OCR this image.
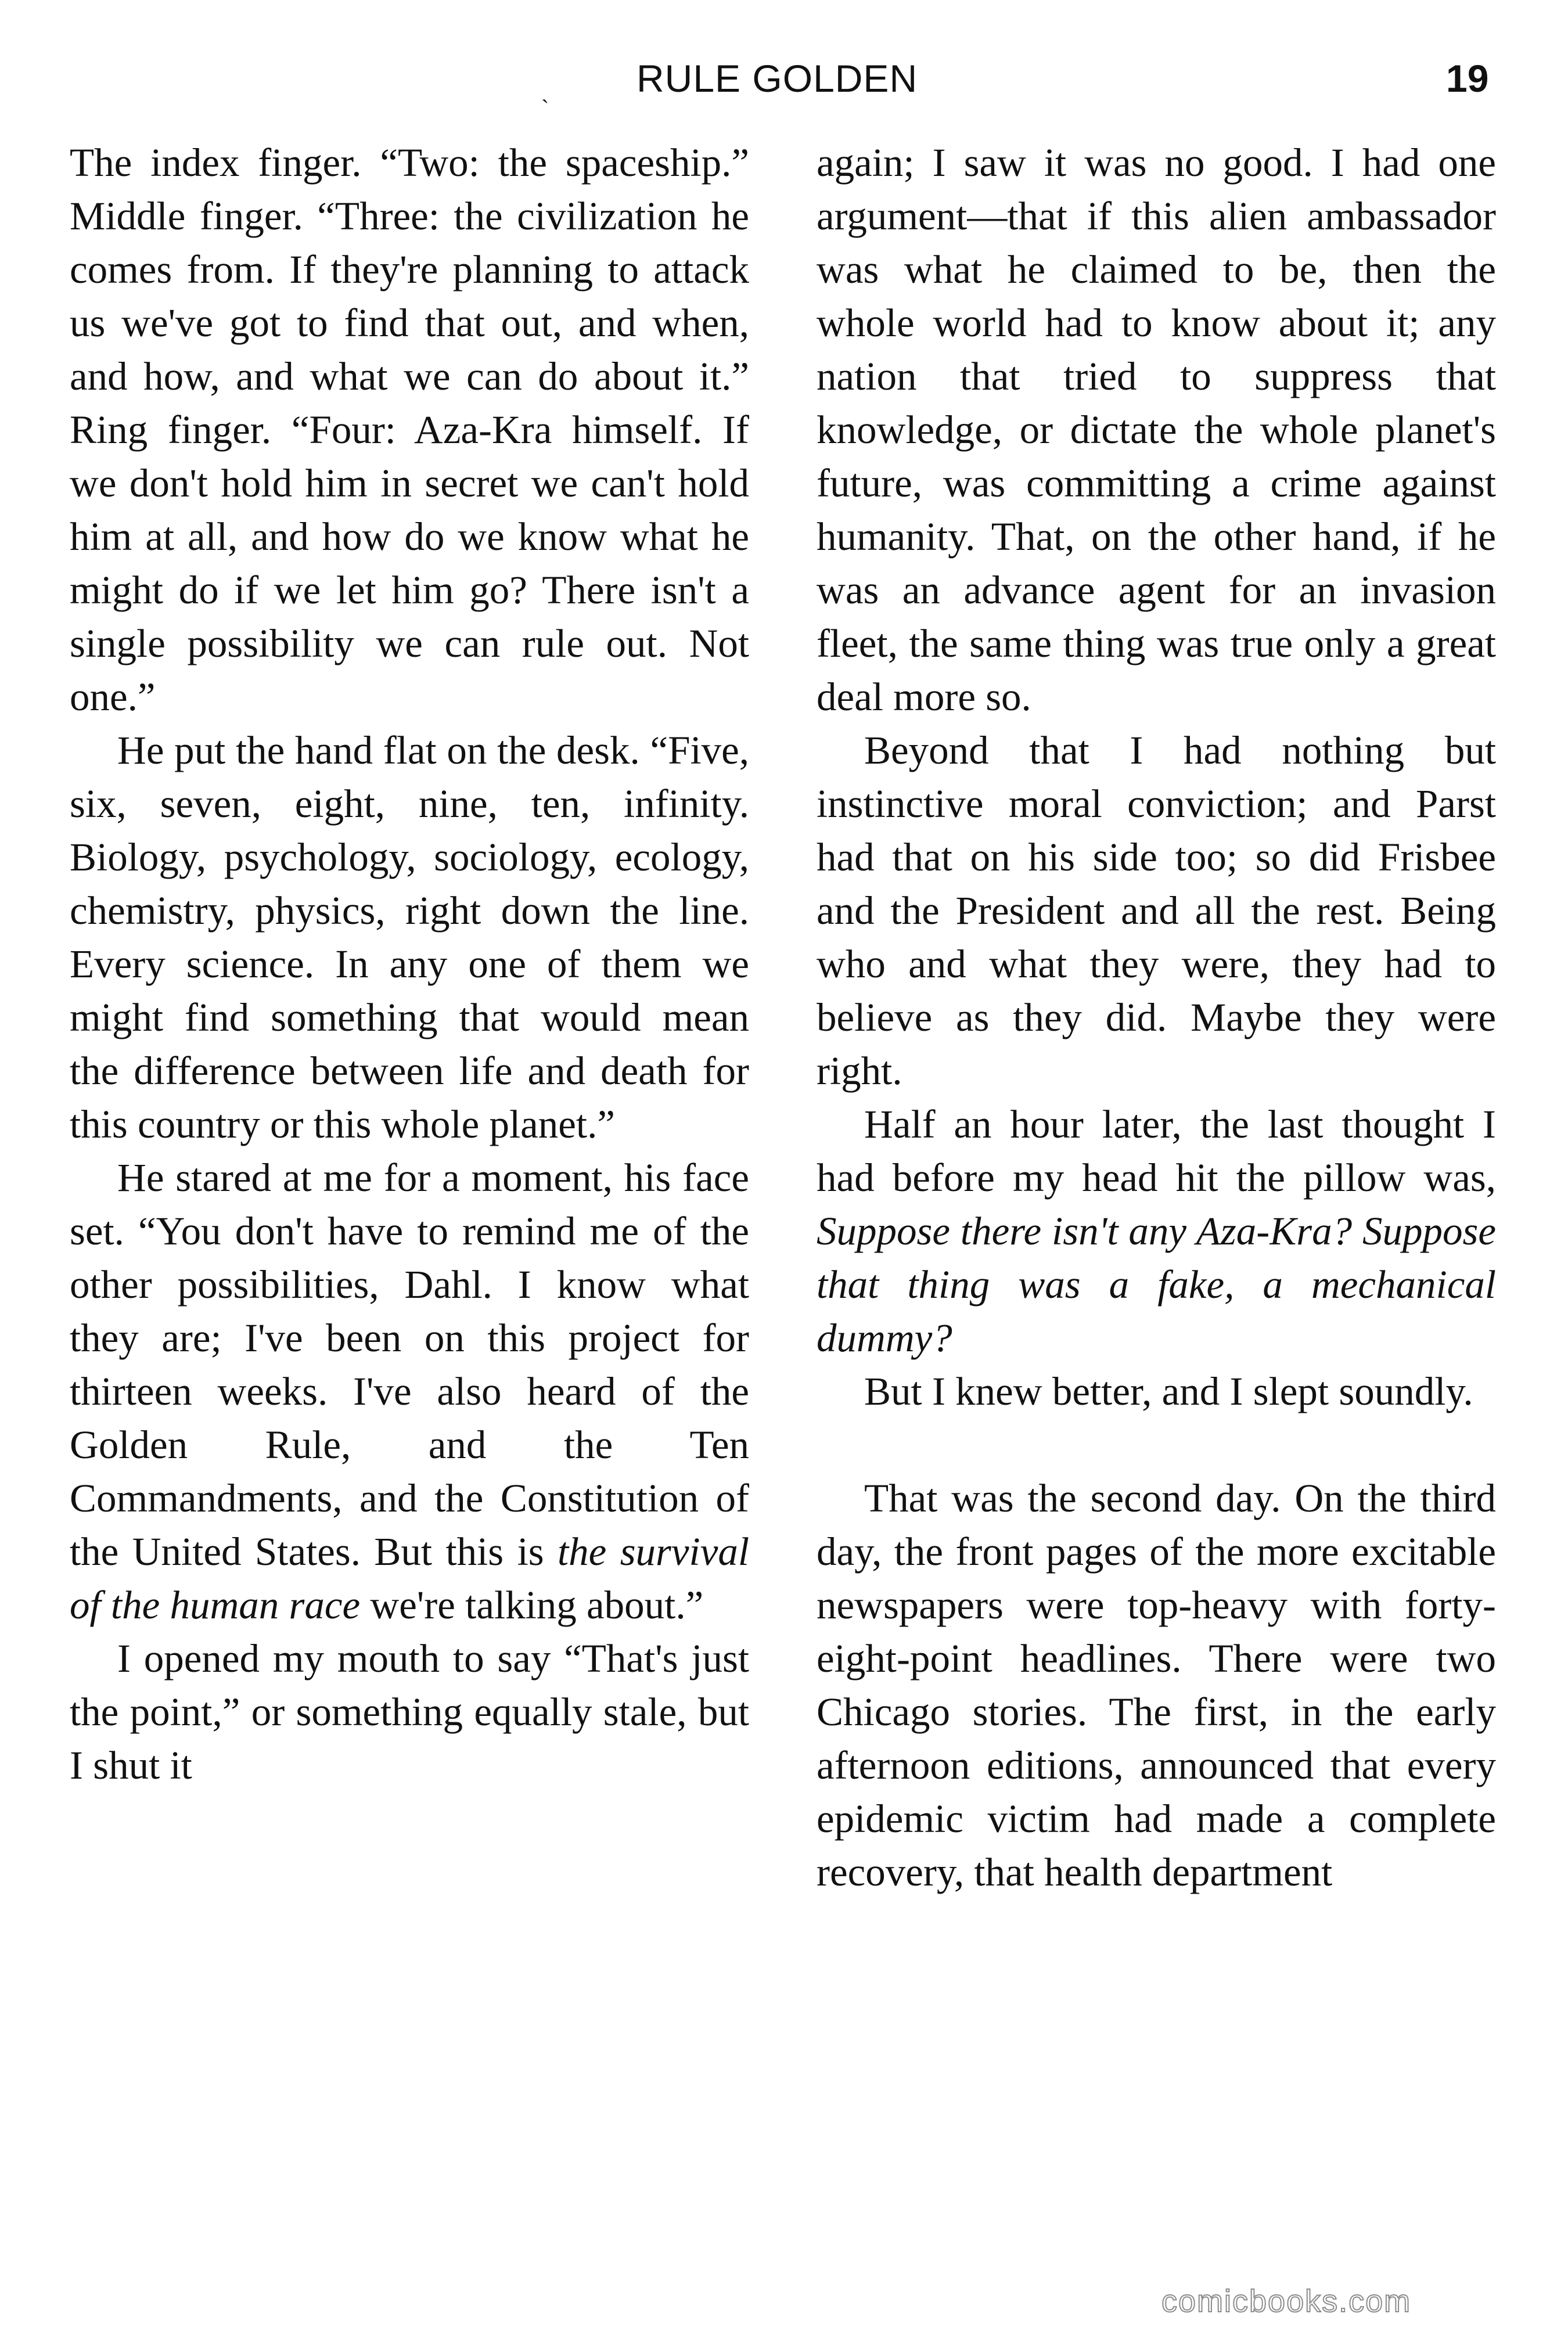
ˏ RULE GOLDEN	19

The index finger. “Two: the spaceship.” Middle finger. “Three: the civilization he comes from. If they're planning to attack us we've got to find that out, and when, and how, and what we can do about it.” Ring finger. “Four: Aza-Kra himself. If we don't hold him in secret we can't hold him at all, and how do we know what he might do if we let him go? There isn't a single possibility we can rule out. Not one.”

He put the hand flat on the desk. “Five, six, seven, eight, nine, ten, infinity. Biology, psychology, sociology, ecology, chemistry, physics, right down the line. Every science. In any one of them we might find something that would mean the difference between life and death for this country or this whole planet.”

He stared at me for a moment, his face set. “You don't have to remind me of the other possibilities, Dahl. I know what they are; I've been on this project for thirteen weeks. I've also heard of the Golden Rule, and the Ten Commandments, and the Constitution of the United States. But this is the survival of the human race we're talking about.”

I opened my mouth to say “That's just the point,” or something equally stale, but I shut it

again; I saw it was no good. I had one argument—that if this alien ambassador was what he claimed to be, then the whole world had to know about it; any nation that tried to suppress that knowledge, or dictate the whole planet's future, was committing a crime against humanity. That, on the other hand, if he was an advance agent for an invasion fleet, the same thing was true only a great deal more so.

Beyond that I had nothing but instinctive moral conviction; and Parst had that on his side too; so did Frisbee and the President and all the rest. Being who and what they were, they had to believe as they did. Maybe they were right.

Half an hour later, the last thought I had before my head hit the pillow was, Suppose there isn't any Aza-Kra? Suppose that thing was a fake, a mechanical dummy?

But I knew better, and I slept soundly.

That was the second day. On the third day, the front pages of the more excitable newspapers were top-heavy with forty-eight-point headlines. There were two Chicago stories. The first, in the early afternoon editions, announced that every epidemic victim had made a complete recovery, that health department

comicbooks.com
